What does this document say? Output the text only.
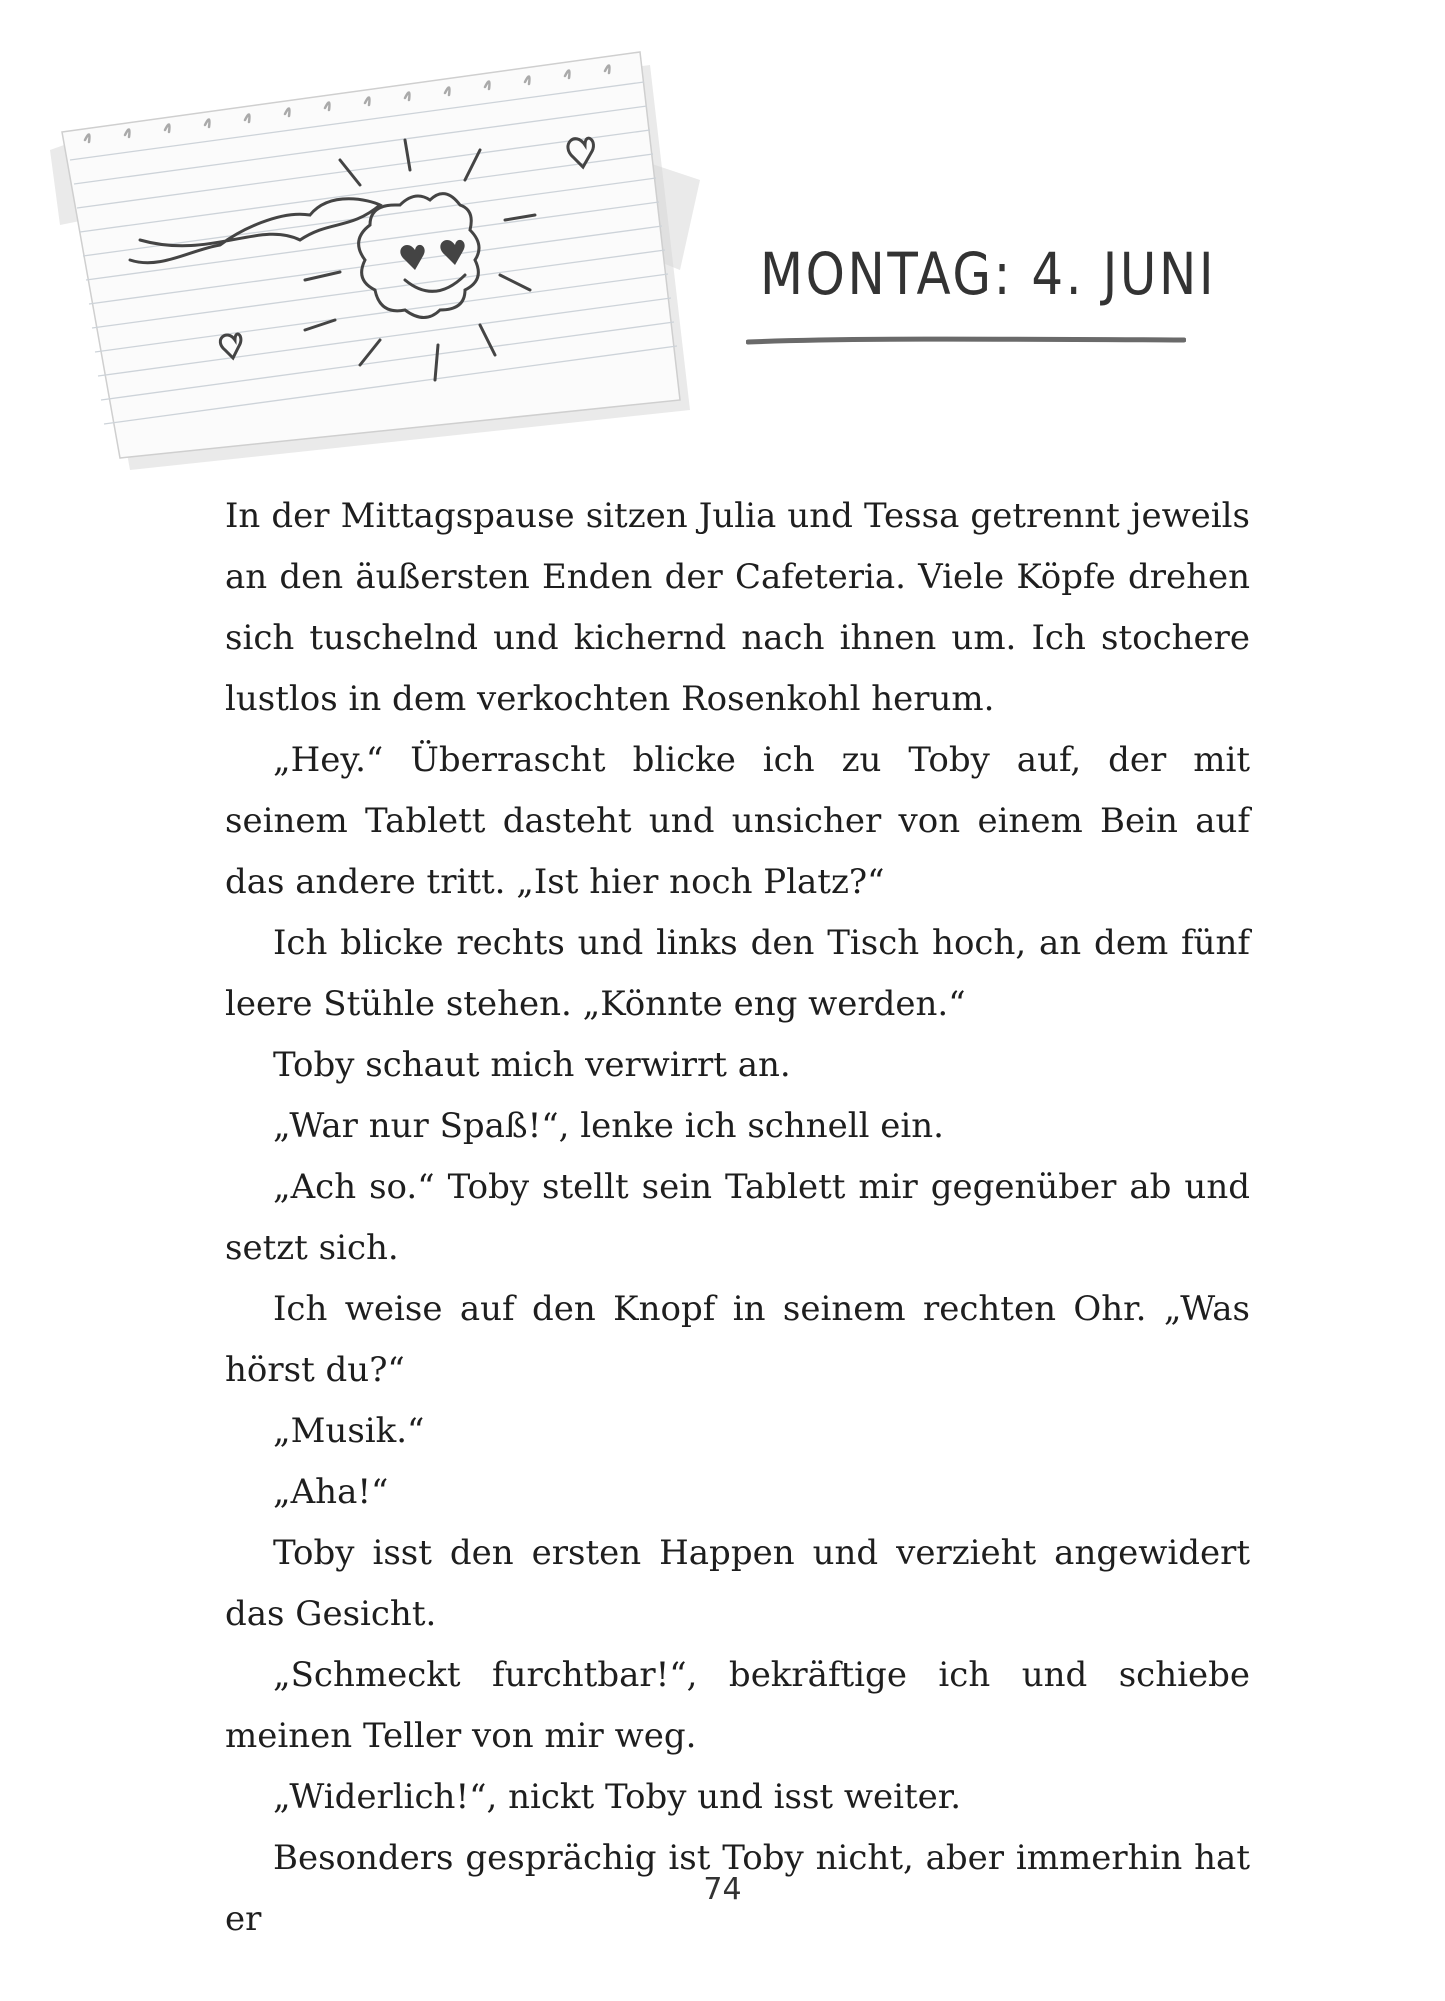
MONTAG: 4. JUNI

In der Mittagspause sitzen Julia und Tessa getrennt jeweils an den äußersten Enden der Cafeteria. Viele Köpfe drehen sich tuschelnd und kichernd nach ihnen um. Ich stochere lustlos in dem verkochten Rosenkohl herum.

„Hey.“ Überrascht blicke ich zu Toby auf, der mit seinem Tablett dasteht und unsicher von einem Bein auf das andere tritt. „Ist hier noch Platz?“

Ich blicke rechts und links den Tisch hoch, an dem fünf leere Stühle stehen. „Könnte eng werden.“

Toby schaut mich verwirrt an.

„War nur Spaß!“, lenke ich schnell ein.

„Ach so.“ Toby stellt sein Tablett mir gegenüber ab und setzt sich.

Ich weise auf den Knopf in seinem rechten Ohr. „Was hörst du?“

„Musik.“

„Aha!“

Toby isst den ersten Happen und verzieht angewidert das Gesicht.

„Schmeckt furchtbar!“, bekräftige ich und schiebe meinen Teller von mir weg.

„Widerlich!“, nickt Toby und isst weiter.

Besonders gesprächig ist Toby nicht, aber immerhin hat er

74
